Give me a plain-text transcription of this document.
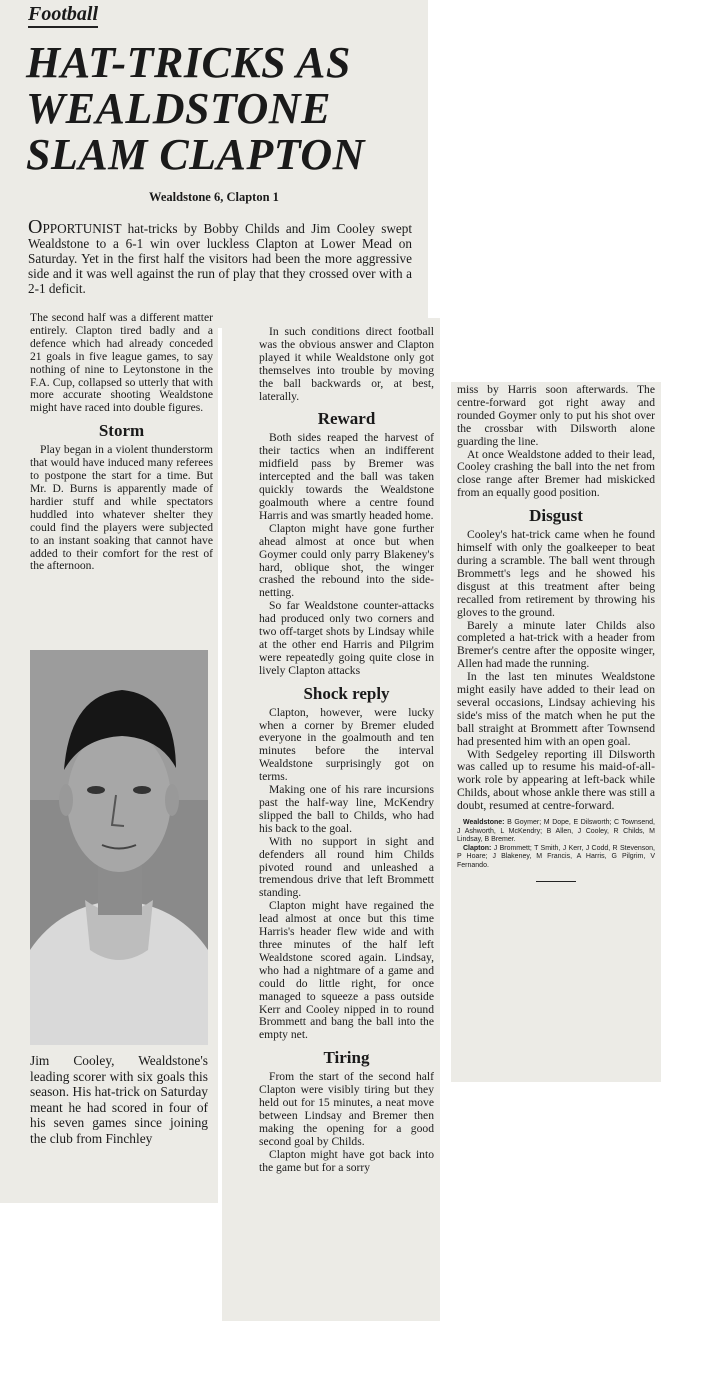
Football
HAT-TRICKS AS
WEALDSTONE
SLAM CLAPTON
Wealdstone 6, Clapton 1

OPPORTUNIST hat-tricks by Bobby Childs and Jim Cooley swept Wealdstone to a 6-1 win over luckless Clapton at Lower Mead on Saturday. Yet in the first half the visitors had been the more aggressive side and it was well against the run of play that they crossed over with a 2-1 deficit.

The second half was a different matter entirely. Clapton tired badly and a defence which had already conceded 21 goals in five league games, to say nothing of nine to Leytonstone in the F.A. Cup, collapsed so utterly that with more accurate shooting Wealdstone might have raced into double figures.

Storm

Play began in a violent thunderstorm that would have induced many referees to postpone the start for a time. But Mr. D. Burns is apparently made of hardier stuff and while spectators huddled into whatever shelter they could find the players were subjected to an instant soaking that cannot have added to their comfort for the rest of the afternoon.

Jim Cooley, Wealdstone's leading scorer with six goals this season. His hat-trick on Saturday meant he had scored in four of his seven games since joining the club from Finchley

In such conditions direct football was the obvious answer and Clapton played it while Wealdstone only got themselves into trouble by moving the ball backwards or, at best, laterally.

Reward

Both sides reaped the harvest of their tactics when an indifferent midfield pass by Bremer was intercepted and the ball was taken quickly towards the Wealdstone goalmouth where a centre found Harris and was smartly headed home.

Clapton might have gone further ahead almost at once but when Goymer could only parry Blakeney's hard, oblique shot, the winger crashed the rebound into the side-netting.

So far Wealdstone counter-attacks had produced only two corners and two off-target shots by Lindsay while at the other end Harris and Pilgrim were repeatedly going quite close in lively Clapton attacks

Shock reply

Clapton, however, were lucky when a corner by Bremer eluded everyone in the goalmouth and ten minutes before the interval Wealdstone surprisingly got on terms.

Making one of his rare incursions past the half-way line, McKendry slipped the ball to Childs, who had his back to the goal.

With no support in sight and defenders all round him Childs pivoted round and unleashed a tremendous drive that left Brommett standing.

Clapton might have regained the lead almost at once but this time Harris's header flew wide and with three minutes of the half left Wealdstone scored again. Lindsay, who had a nightmare of a game and could do little right, for once managed to squeeze a pass outside Kerr and Cooley nipped in to round Brommett and bang the ball into the empty net.

Tiring

From the start of the second half Clapton were visibly tiring but they held out for 15 minutes, a neat move between Lindsay and Bremer then making the opening for a good second goal by Childs.

Clapton might have got back into the game but for a sorry

miss by Harris soon afterwards. The centre-forward got right away and rounded Goymer only to put his shot over the crossbar with Dilsworth alone guarding the line.

At once Wealdstone added to their lead, Cooley crashing the ball into the net from close range after Bremer had miskicked from an equally good position.

Disgust

Cooley's hat-trick came when he found himself with only the goalkeeper to beat during a scramble. The ball went through Brommett's legs and he showed his disgust at this treatment after being recalled from retirement by throwing his gloves to the ground.

Barely a minute later Childs also completed a hat-trick with a header from Bremer's centre after the opposite winger, Allen had made the running.

In the last ten minutes Wealdstone might easily have added to their lead on several occasions, Lindsay achieving his side's miss of the match when he put the ball straight at Brommett after Townsend had presented him with an open goal.

With Sedgeley reporting ill Dilsworth was called up to resume his maid-of-all-work role by appearing at left-back while Childs, about whose ankle there was still a doubt, resumed at centre-forward.

Wealdstone: B Goymer; M Dope, E Dilsworth; C Townsend, J Ashworth, L McKendry; B Allen, J Cooley, R Childs, M Lindsay, B Bremer.

Clapton: J Brommett; T Smith, J Kerr, J Codd, R Stevenson, P Hoare; J Blakeney, M Francis, A Harris, G Pilgrim, V Fernando.
